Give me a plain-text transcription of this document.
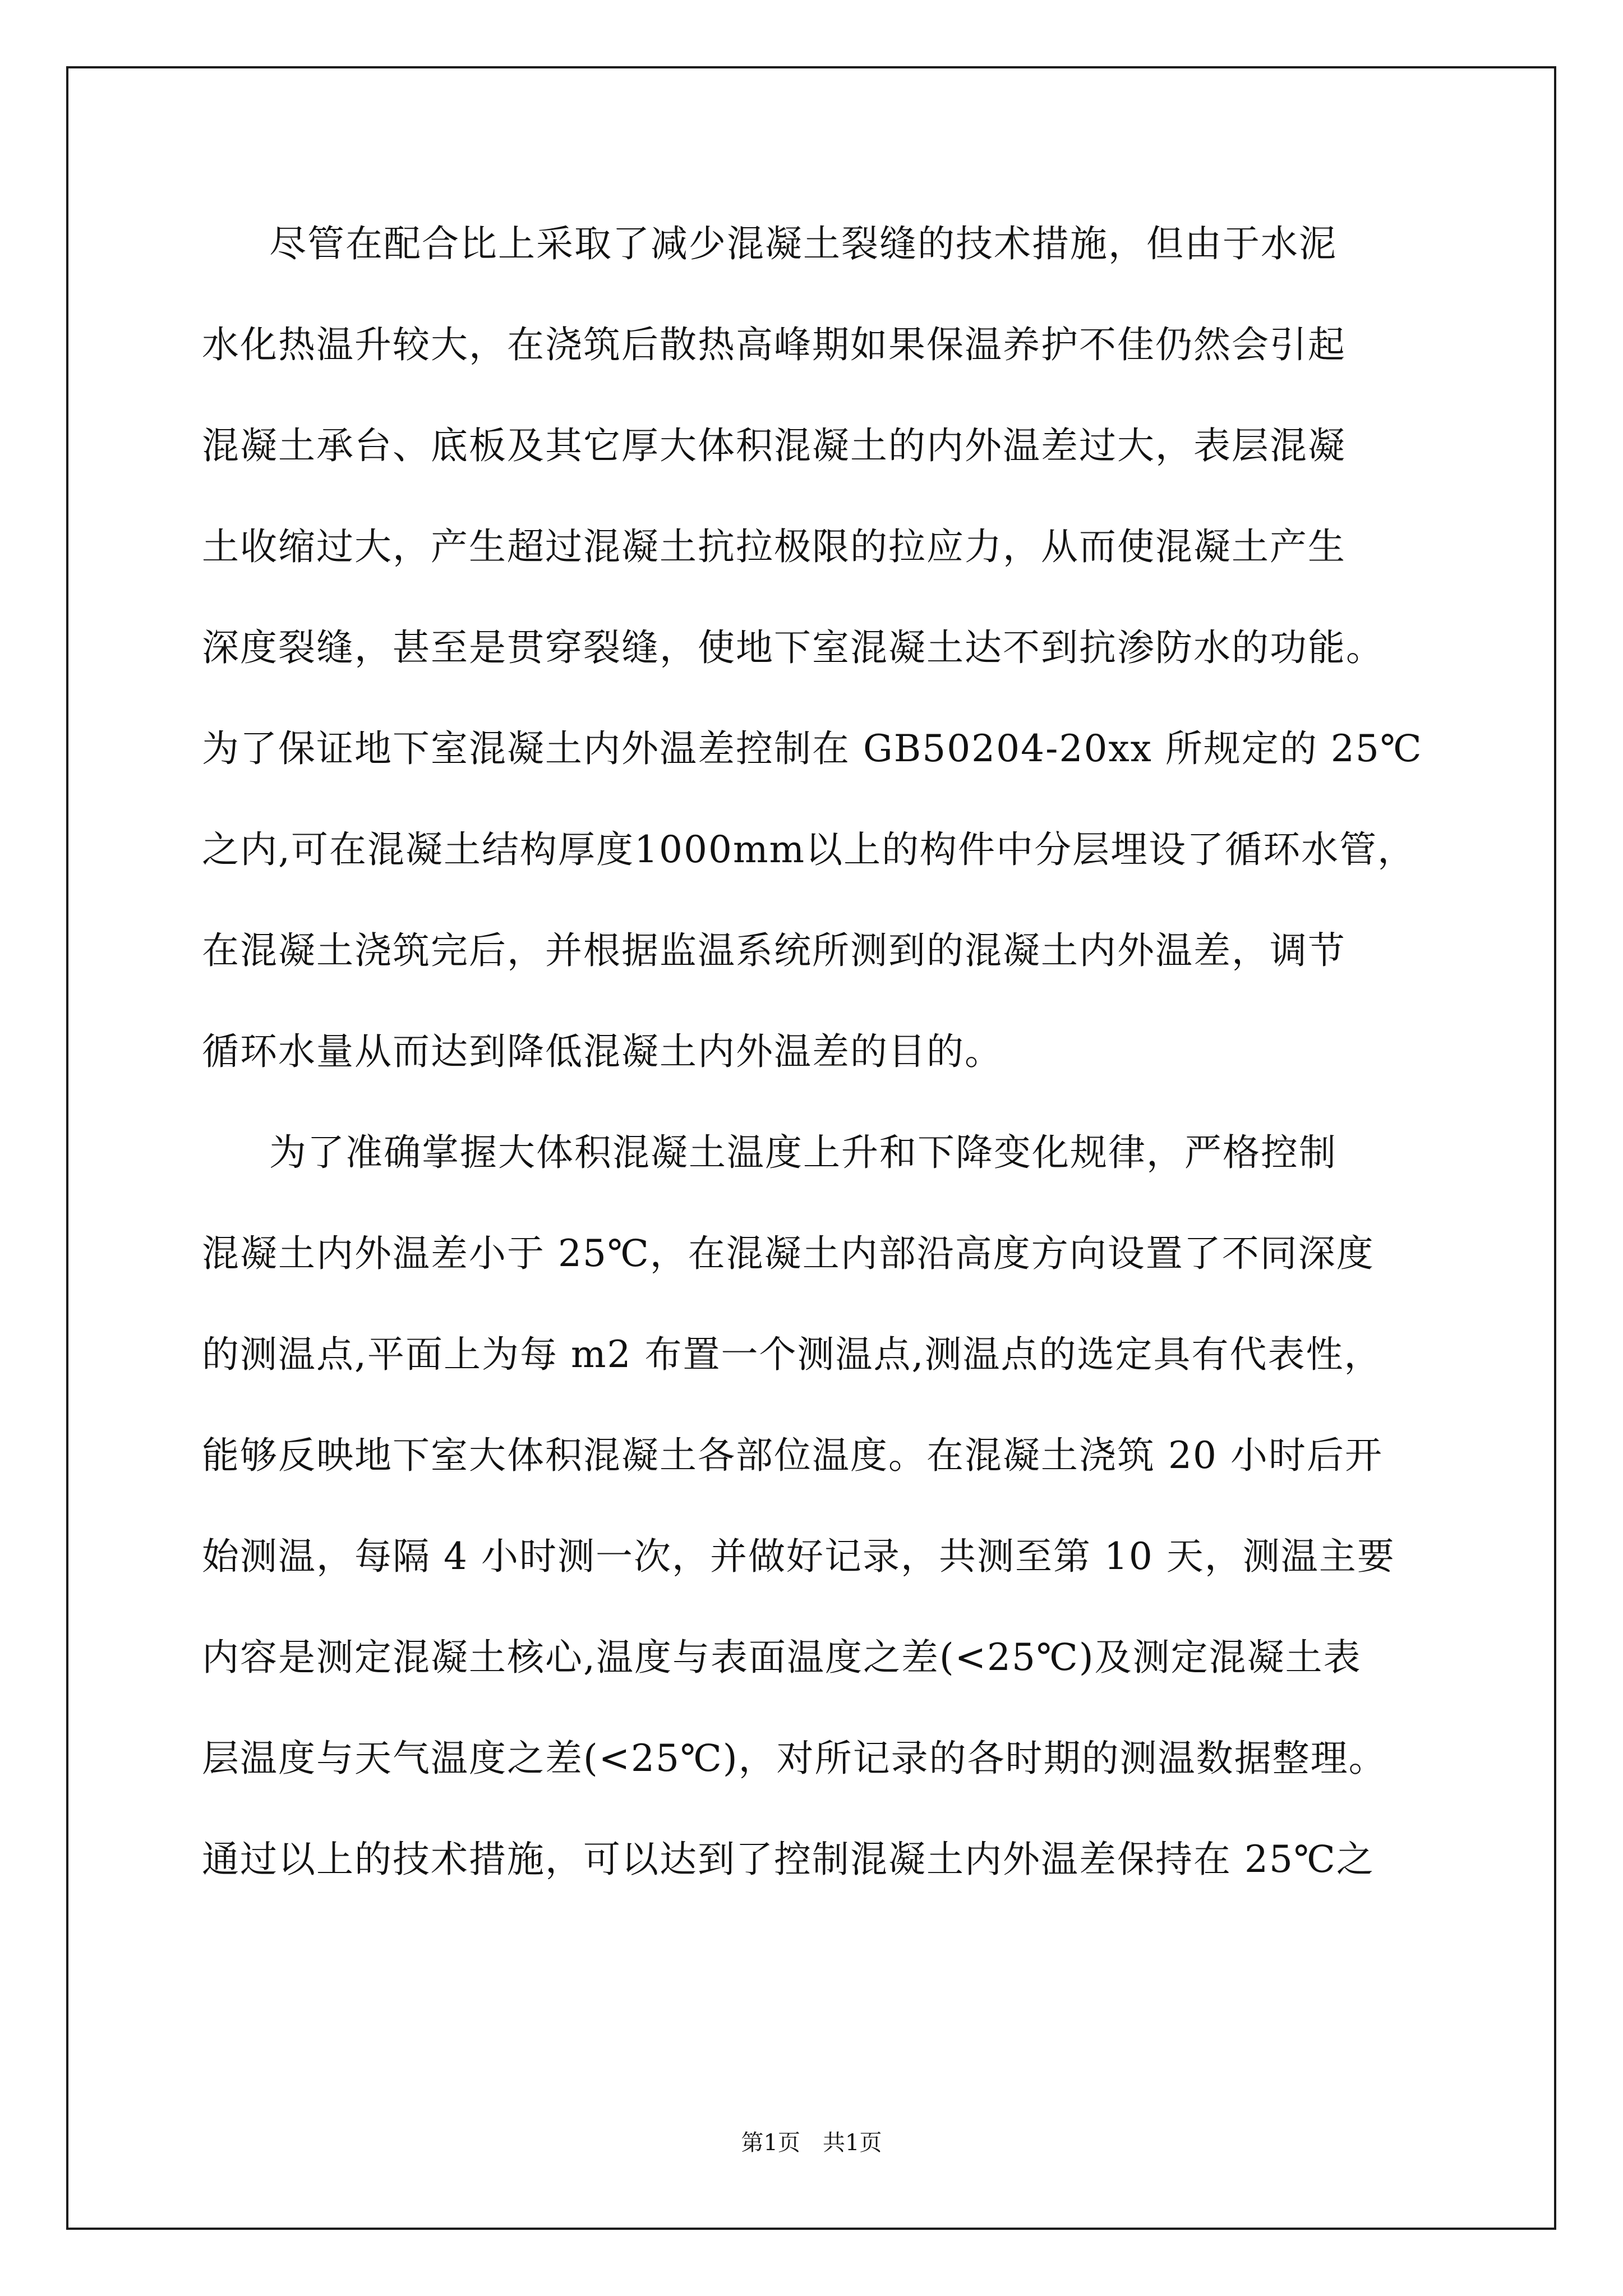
尽管在配合比上采取了减少混凝土裂缝的技术措施，但由于水泥
水化热温升较大，在浇筑后散热高峰期如果保温养护不佳仍然会引起
混凝土承台、底板及其它厚大体积混凝土的内外温差过大，表层混凝
土收缩过大，产生超过混凝土抗拉极限的拉应力，从而使混凝土产生
深度裂缝，甚至是贯穿裂缝，使地下室混凝土达不到抗渗防水的功能。
为了保证地下室混凝土内外温差控制在 GB50204-20xx 所规定的 25℃
之内,可在混凝土结构厚度1000mm以上的构件中分层埋设了循环水管，
在混凝土浇筑完后，并根据监温系统所测到的混凝土内外温差，调节
循环水量从而达到降低混凝土内外温差的目的。
为了准确掌握大体积混凝土温度上升和下降变化规律，严格控制
混凝土内外温差小于 25℃，在混凝土内部沿高度方向设置了不同深度
的测温点,平面上为每 m2 布置一个测温点,测温点的选定具有代表性，
能够反映地下室大体积混凝土各部位温度。在混凝土浇筑 20 小时后开
始测温，每隔 4 小时测一次，并做好记录，共测至第 10 天，测温主要
内容是测定混凝土核心,温度与表面温度之差(<25℃)及测定混凝土表
层温度与天气温度之差(<25℃)，对所记录的各时期的测温数据整理。
通过以上的技术措施，可以达到了控制混凝土内外温差保持在 25℃之
第1页　共1页
